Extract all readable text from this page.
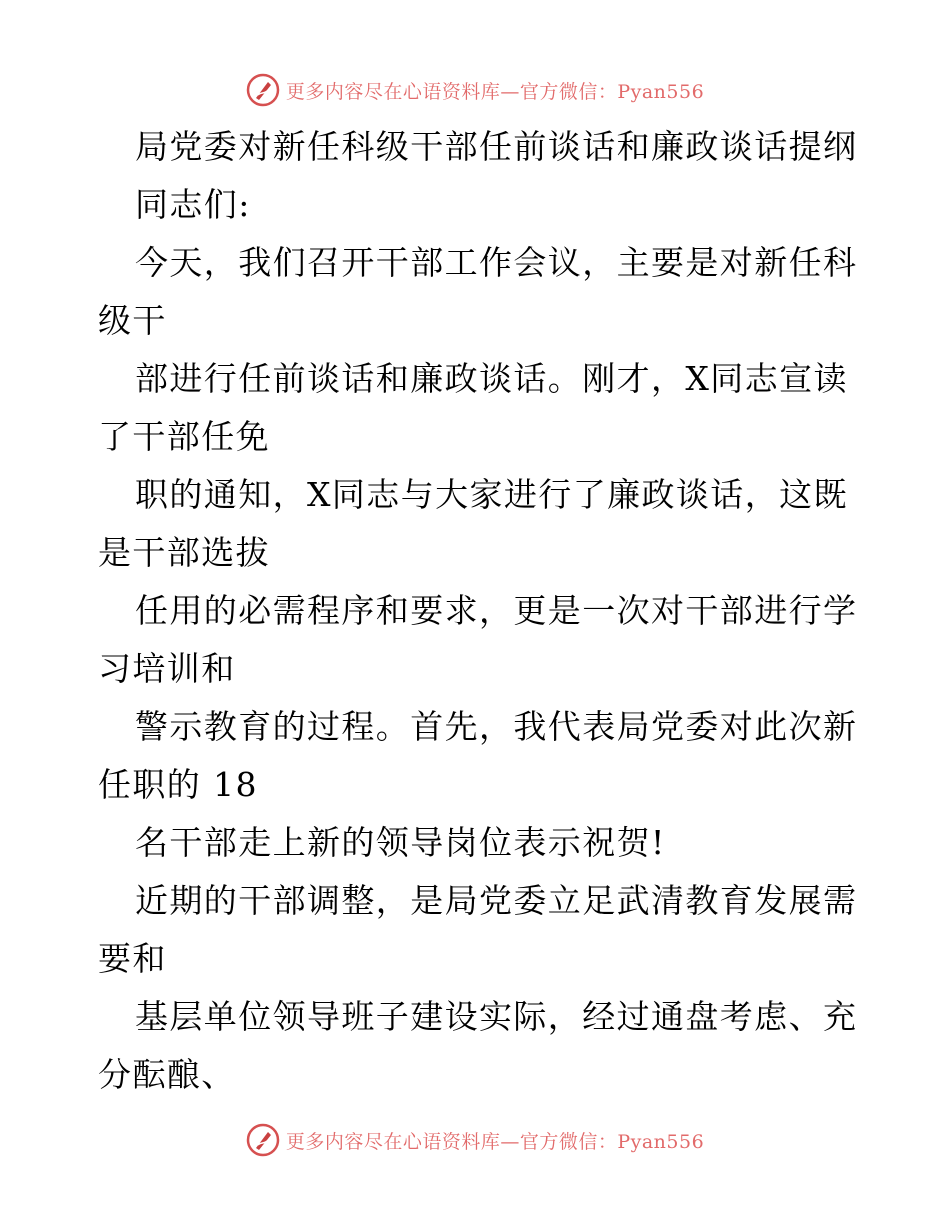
更多内容尽在心语资料库—官方微信：Pyan556
局党委对新任科级干部任前谈话和廉政谈话提纲
同志们:
今天，我们召开干部工作会议，主要是对新任科
级干
部进行任前谈话和廉政谈话。刚才，X同志宣读
了干部任免
职的通知，X同志与大家进行了廉政谈话，这既
是干部选拔
任用的必需程序和要求，更是一次对干部进行学
习培训和
警示教育的过程。首先，我代表局党委对此次新
任职的 18
名干部走上新的领导岗位表示祝贺!
近期的干部调整，是局党委立足武清教育发展需
要和
基层单位领导班子建设实际，经过通盘考虑、充
分酝酿、
更多内容尽在心语资料库—官方微信：Pyan556
